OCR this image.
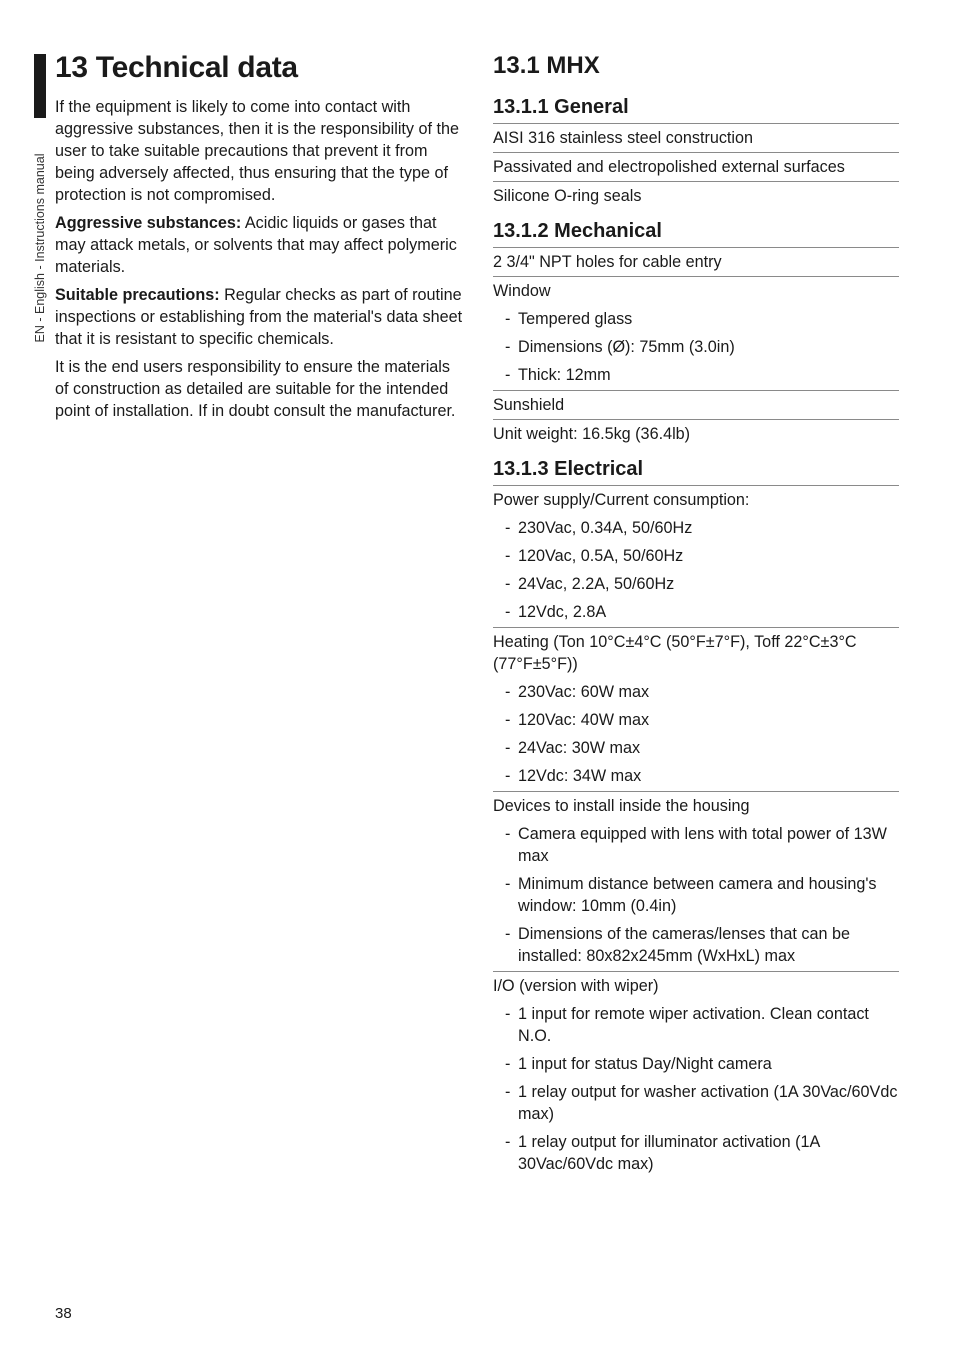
EN - English - Instructions manual
13 Technical data

If the equipment is likely to come into contact with aggressive substances, then it is the responsibility of the user to take suitable precautions that prevent it from being adversely affected, thus ensuring that the type of protection is not compromised.

Aggressive substances: Acidic liquids or gases that may attack metals, or solvents that may affect polymeric materials.

Suitable precautions: Regular checks as part of routine inspections or establishing from the material's data sheet that it is resistant to specific chemicals.

It is the end users responsibility to ensure the materials of construction as detailed are suitable for the intended point of installation. If in doubt consult the manufacturer.

13.1 MHX
13.1.1 General
AISI 316 stainless steel construction
Passivated and electropolished external surfaces
Silicone O-ring seals
13.1.2 Mechanical
2 3/4" NPT holes for cable entry
Window
- Tempered glass
- Dimensions (Ø): 75mm (3.0in)
- Thick: 12mm
Sunshield
Unit weight: 16.5kg (36.4lb)
13.1.3 Electrical
Power supply/Current consumption:
- 230Vac, 0.34A, 50/60Hz
- 120Vac, 0.5A, 50/60Hz
- 24Vac, 2.2A, 50/60Hz
- 12Vdc, 2.8A
Heating (Ton 10°C±4°C (50°F±7°F), Toff 22°C±3°C (77°F±5°F))
- 230Vac: 60W max
- 120Vac: 40W max
- 24Vac: 30W max
- 12Vdc: 34W max
Devices to install inside the housing
- Camera equipped with lens with total power of 13W max
- Minimum distance between camera and housing's window: 10mm (0.4in)
- Dimensions of the cameras/lenses that can be installed: 80x82x245mm (WxHxL) max
I/O (version with wiper)
- 1 input for remote wiper activation. Clean contact N.O.
- 1 input for status Day/Night camera
- 1 relay output for washer activation (1A 30Vac/60Vdc max)
- 1 relay output for illuminator activation (1A 30Vac/60Vdc max)
38
